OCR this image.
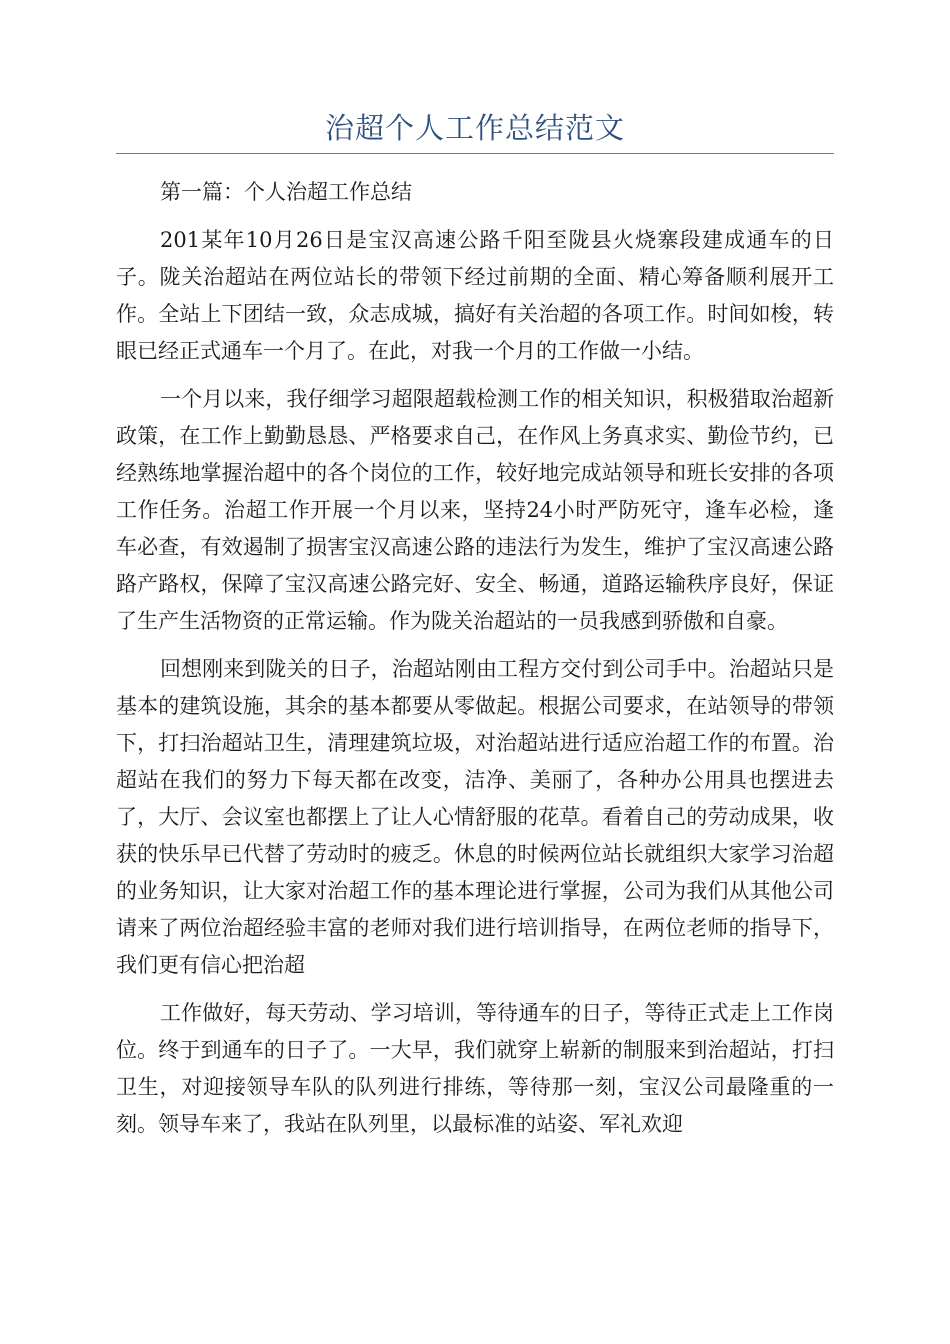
治超个人工作总结范文

第一篇：个人治超工作总结

201某年10月26日是宝汉高速公路千阳至陇县火烧寨段建成通车的日子。陇关治超站在两位站长的带领下经过前期的全面、精心筹备顺利展开工作。全站上下团结一致，众志成城，搞好有关治超的各项工作。时间如梭，转眼已经正式通车一个月了。在此，对我一个月的工作做一小结。

一个月以来，我仔细学习超限超载检测工作的相关知识，积极猎取治超新政策，在工作上勤勤恳恳、严格要求自己，在作风上务真求实、勤俭节约，已经熟练地掌握治超中的各个岗位的工作，较好地完成站领导和班长安排的各项工作任务。治超工作开展一个月以来，坚持24小时严防死守，逢车必检，逢车必查，有效遏制了损害宝汉高速公路的违法行为发生，维护了宝汉高速公路路产路权，保障了宝汉高速公路完好、安全、畅通，道路运输秩序良好，保证了生产生活物资的正常运输。作为陇关治超站的一员我感到骄傲和自豪。

回想刚来到陇关的日子，治超站刚由工程方交付到公司手中。治超站只是基本的建筑设施，其余的基本都要从零做起。根据公司要求，在站领导的带领下，打扫治超站卫生，清理建筑垃圾，对治超站进行适应治超工作的布置。治超站在我们的努力下每天都在改变，洁净、美丽了，各种办公用具也摆进去了，大厅、会议室也都摆上了让人心情舒服的花草。看着自己的劳动成果，收获的快乐早已代替了劳动时的疲乏。休息的时候两位站长就组织大家学习治超的业务知识，让大家对治超工作的基本理论进行掌握，公司为我们从其他公司请来了两位治超经验丰富的老师对我们进行培训指导，在两位老师的指导下，我们更有信心把治超

工作做好，每天劳动、学习培训，等待通车的日子，等待正式走上工作岗位。终于到通车的日子了。一大早，我们就穿上崭新的制服来到治超站，打扫卫生，对迎接领导车队的队列进行排练，等待那一刻，宝汉公司最隆重的一刻。领导车来了，我站在队列里，以最标准的站姿、军礼欢迎
